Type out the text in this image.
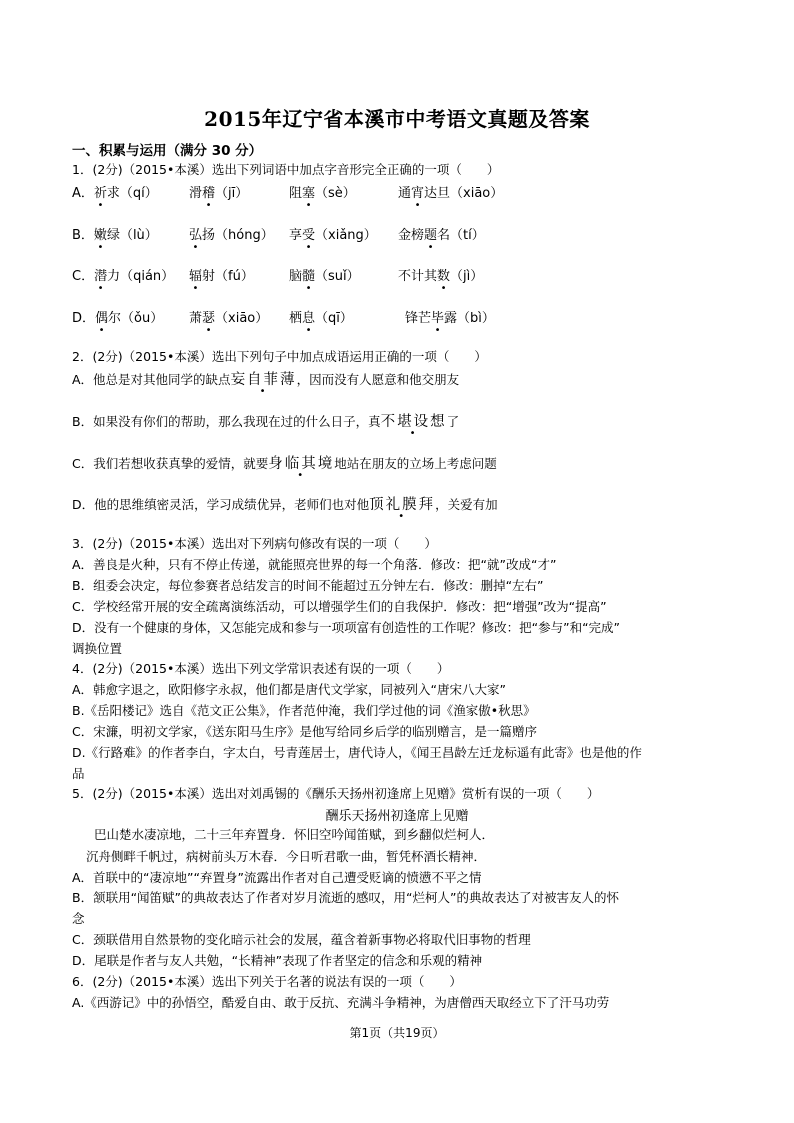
2015年辽宁省本溪市中考语文真题及答案
一、积累与运用（满分 30 分）
1．(2分)（2015•本溪）选出下列词语中加点字音形完全正确的一项（　　）
A．祈求（qí） 滑稽（jī）	阻塞（sè）	通宵达旦（xiāo）
B．嫩绿（lù） 弘扬（hóng） 享受（xiǎng） 金榜题名（tí）
C．潜力（qián） 辐射（fú）	脑髓（suǐ）	不计其数（jì）
D．偶尔（ǒu） 萧瑟（xiāo） 栖息（qī）	锋芒毕露（bì）
2．(2分)（2015•本溪）选出下列句子中加点成语运用正确的一项（　　）
A．他总是对其他同学的缺点妄自菲薄，因而没有人愿意和他交朋友
B．如果没有你们的帮助，那么我现在过的什么日子，真不堪设想了
C．我们若想收获真挚的爱情，就要身临其境地站在朋友的立场上考虑问题
D．他的思维缜密灵活，学习成绩优异，老师们也对他顶礼膜拜，关爱有加
3．(2分)（2015•本溪）选出对下列病句修改有误的一项（　　）
A．善良是火种，只有不停止传递，就能照亮世界的每一个角落．修改：把“就”改成“才”
B．组委会决定，每位参赛者总结发言的时间不能超过五分钟左右．修改：删掉“左右”
C．学校经常开展的安全疏离演练活动，可以增强学生们的自我保护．修改：把“增强”改为“提高”
D．没有一个健康的身体，又怎能完成和参与一项项富有创造性的工作呢？修改：把“参与”和“完成”
调换位置
4．(2分)（2015•本溪）选出下列文学常识表述有误的一项（　　）
A．韩愈字退之，欧阳修字永叔，他们都是唐代文学家，同被列入“唐宋八大家”
B.《岳阳楼记》选自《范文正公集》，作者范仲淹，我们学过他的词《渔家傲•秋思》
C．宋濂，明初文学家，《送东阳马生序》是他写给同乡后学的临别赠言，是一篇赠序
D.《行路难》的作者李白，字太白，号青莲居士，唐代诗人，《闻王昌龄左迁龙标遥有此寄》也是他的作
品
5．(2分)（2015•本溪）选出对刘禹锡的《酬乐天扬州初逢席上见赠》赏析有误的一项（　　）
酬乐天扬州初逢席上见赠
巴山楚水凄凉地，二十三年弃置身．怀旧空吟闻笛赋，到乡翻似烂柯人．
沉舟侧畔千帆过，病树前头万木春．今日听君歌一曲，暂凭杯酒长精神．
A．首联中的“凄凉地”“弃置身”流露出作者对自己遭受贬谪的愤懑不平之情
B．颔联用“闻笛赋”的典故表达了作者对岁月流逝的感叹，用“烂柯人”的典故表达了对被害友人的怀
念
C．颈联借用自然景物的变化暗示社会的发展，蕴含着新事物必将取代旧事物的哲理
D．尾联是作者与友人共勉，“长精神”表现了作者坚定的信念和乐观的精神
6．(2分)（2015•本溪）选出下列关于名著的说法有误的一项（　　）
A.《西游记》中的孙悟空，酷爱自由、敢于反抗、充满斗争精神，为唐僧西天取经立下了汗马功劳
第1页（共19页）
